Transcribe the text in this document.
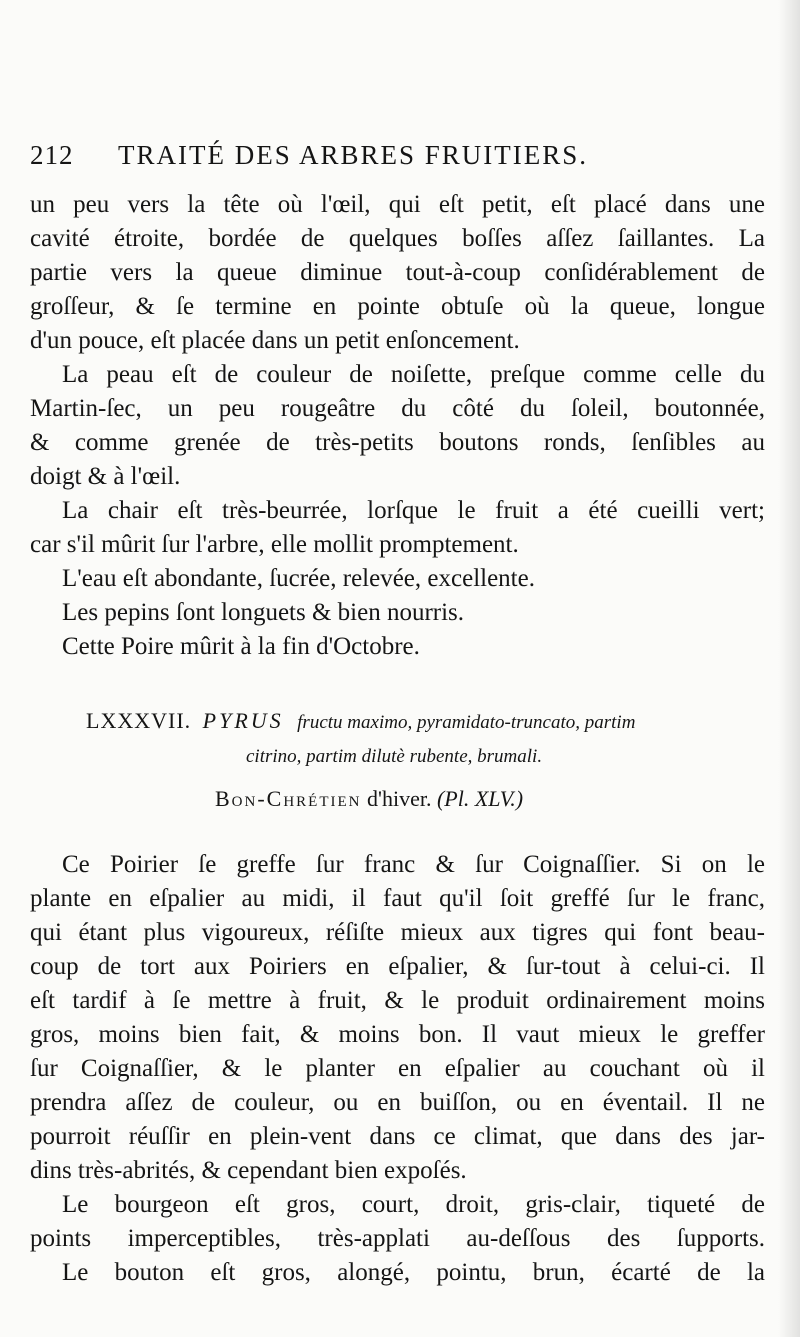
212 TRAITÉ DES ARBRES FRUITIERS.
un peu vers la tête où l'œil, qui eſt petit, eſt placé dans une
cavité étroite, bordée de quelques boſſes aſſez ſaillantes. La
partie vers la queue diminue tout-à-coup conſidérablement de
groſſeur, & ſe termine en pointe obtuſe où la queue, longue
d'un pouce, eſt placée dans un petit enſoncement.
La peau eſt de couleur de noiſette, preſque comme celle du
Martin-ſec, un peu rougeâtre du côté du ſoleil, boutonnée,
& comme grenée de très-petits boutons ronds, ſenſibles au
doigt & à l'œil.
La chair eſt très-beurrée, lorſque le fruit a été cueilli vert;
car s'il mûrit ſur l'arbre, elle mollit promptement.
L'eau eſt abondante, ſucrée, relevée, excellente.
Les pepins ſont longuets & bien nourris.
Cette Poire mûrit à la fin d'Octobre.
LXXXVII. PYRUS fructu maximo, pyramidato-truncato, partim
citrino, partim dilutè rubente, brumali.
Bon-Chrétien d'hiver. (Pl. XLV.)
Ce Poirier ſe greffe ſur franc & ſur Coignaſſier. Si on le
plante en eſpalier au midi, il faut qu'il ſoit greffé ſur le franc,
qui étant plus vigoureux, réſiſte mieux aux tigres qui font beau-
coup de tort aux Poiriers en eſpalier, & ſur-tout à celui-ci. Il
eſt tardif à ſe mettre à fruit, & le produit ordinairement moins
gros, moins bien fait, & moins bon. Il vaut mieux le greffer
ſur Coignaſſier, & le planter en eſpalier au couchant où il
prendra aſſez de couleur, ou en buiſſon, ou en éventail. Il ne
pourroit réuſſir en plein-vent dans ce climat, que dans des jar-
dins très-abrités, & cependant bien expoſés.
Le bourgeon eſt gros, court, droit, gris-clair, tiqueté de
points imperceptibles, très-applati au-deſſous des ſupports.
Le bouton eſt gros, alongé, pointu, brun, écarté de la
